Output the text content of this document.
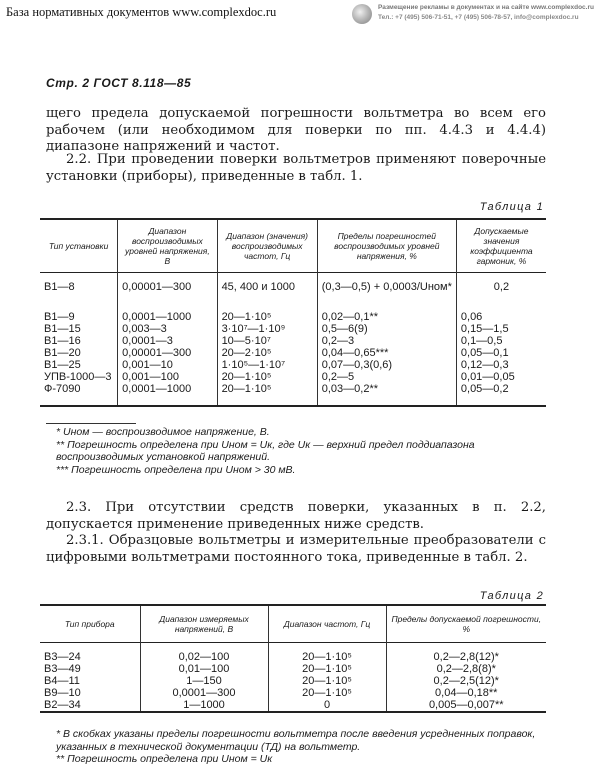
База нормативных документов www.complexdoc.ru	Размещение рекламы в документах и на сайте www.complexdoc.ru
Тел.: +7 (495) 506-71-51, +7 (495) 506-78-57, info@complexdoc.ru
Стр. 2 ГОСТ 8.118—85
щего предела допускаемой погрешности вольтметра во всем его рабочем (или необходимом для поверки по пп. 4.4.3 и 4.4.4) диапазоне напряжений и частот.
2.2. При проведении поверки вольтметров применяют поверочные установки (приборы), приведенные в табл. 1.
Таблица 1
Тип установки	Диапазон воспроизводимых уровней напряжения, В	Диапазон (значения) воспроизводимых частот, Гц	Пределы погрешностей воспроизводимых уровней напряжения, %	Допускаемые значения коэффициента гармоник, %
В1—8	0,00001—300	45, 400 и 1000	(0,3—0,5) + 0,0003/Uном*	0,2

В1—9	0,0001—1000	20—1·10⁵	0,02—0,1**	0,06
В1—15	0,003—3	3·10⁷—1·10⁹	0,5—6(9)	0,15—1,5
В1—16	0,0001—3	10—5·10⁷	0,2—3	0,1—0,5
В1—20	0,00001—300	20—2·10⁵	0,04—0,65***	0,05—0,1
В1—25	0,001—10	1·10⁵—1·10⁷	0,07—0,3(0,6)	0,12—0,3
УПВ-1000—3	0,001—100	20—1·10⁵	0,2—5	0,01—0,05
Ф-7090	0,0001—1000	20—1·10⁵	0,03—0,2**	0,05—0,2

* Uном — воспроизводимое напряжение, В.
** Погрешность определена при Uном = Uк, где Uк — верхний предел поддиапазона воспроизводимых установкой напряжений.
*** Погрешность определена при Uном > 30 мВ.
2.3. При отсутствии средств поверки, указанных в п. 2.2, допускается применение приведенных ниже средств.
2.3.1. Образцовые вольтметры и измерительные преобразователи с цифровыми вольтметрами постоянного тока, приведенные в табл. 2.
Таблица 2
Тип прибора	Диапазон измеряемых напряжений, В	Диапазон частот, Гц	Пределы допускаемой погрешности, %

В3—24	0,02—100	20—1·10⁵	0,2—2,8(12)*
В3—49	0,01—100	20—1·10⁵	0,2—2,8(8)*
В4—11	1—150	20—1·10⁵	0,2—2,5(12)*
В9—10	0,0001—300	20—1·10⁵	0,04—0,18**
В2—34	1—1000	0	0,005—0,007**
* В скобках указаны пределы погрешности вольтметра после введения усредненных поправок, указанных в технической документации (ТД) на вольтметр.
** Погрешность определена при Uном = Uк
